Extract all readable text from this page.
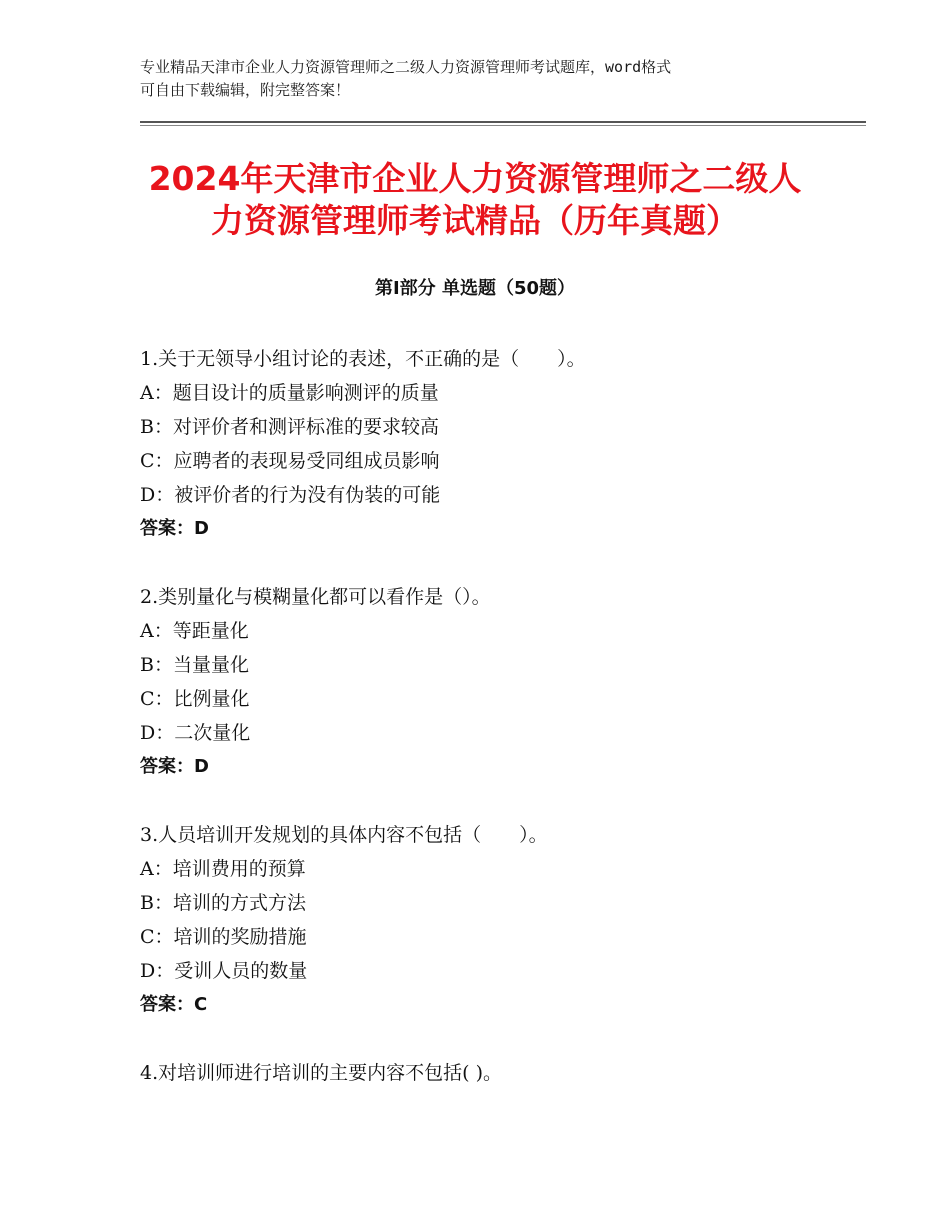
专业精品天津市企业人力资源管理师之二级人力资源管理师考试题库，word格式
可自由下载编辑，附完整答案！
2024年天津市企业人力资源管理师之二级人
力资源管理师考试精品（历年真题）
第I部分 单选题（50题）
1.关于无领导小组讨论的表述，不正确的是（　　）。
A：题目设计的质量影响测评的质量
B：对评价者和测评标准的要求较高
C：应聘者的表现易受同组成员影响
D：被评价者的行为没有伪装的可能
答案：D
2.类别量化与模糊量化都可以看作是（）。
A：等距量化
B：当量量化
C：比例量化
D：二次量化
答案：D
3.人员培训开发规划的具体内容不包括（　　）。
A：培训费用的预算
B：培训的方式方法
C：培训的奖励措施
D：受训人员的数量
答案：C
4.对培训师进行培训的主要内容不包括( )。
